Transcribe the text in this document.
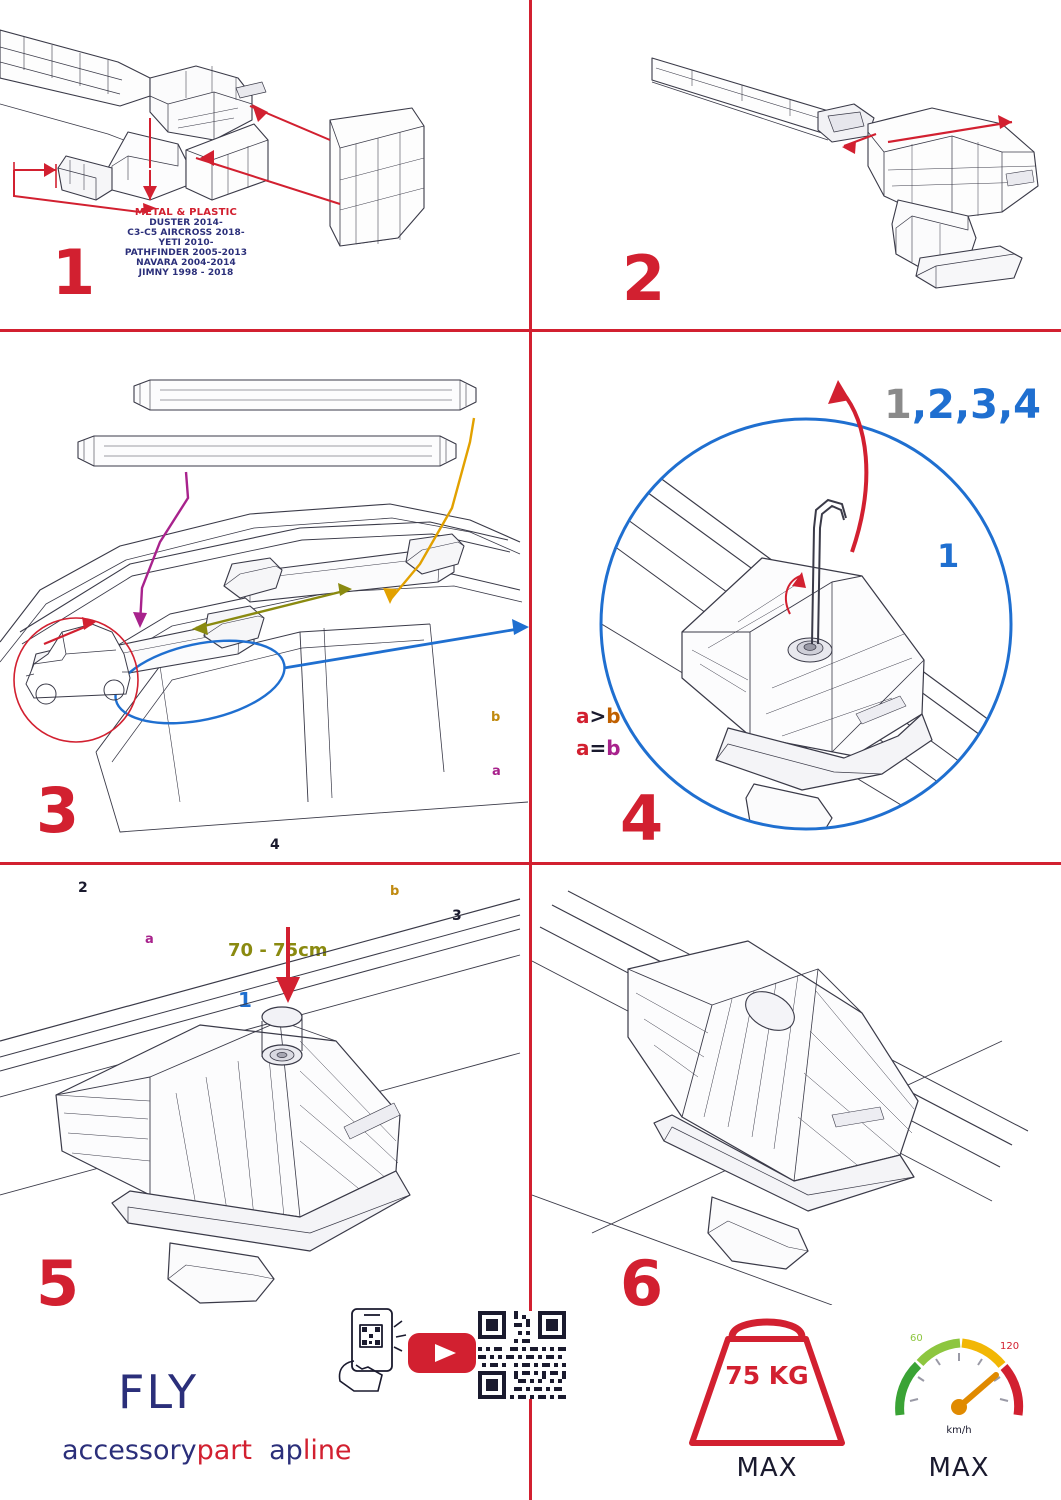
1
METAL & PLASTIC
DUSTER 2014-
C3-C5 AIRCROSS 2018-
YETI 2010-
PATHFINDER 2005-2013
NAVARA 2004-2014
JIMNY 1998 - 2018	2
b
a
a
b
2
4
3
1
70 - 75cm
a>b
a=b
3
1,2,3,4
1
4
5
FLY
accessorypart apline
6
75 KG
MAX
60
120
km/h
MAX
